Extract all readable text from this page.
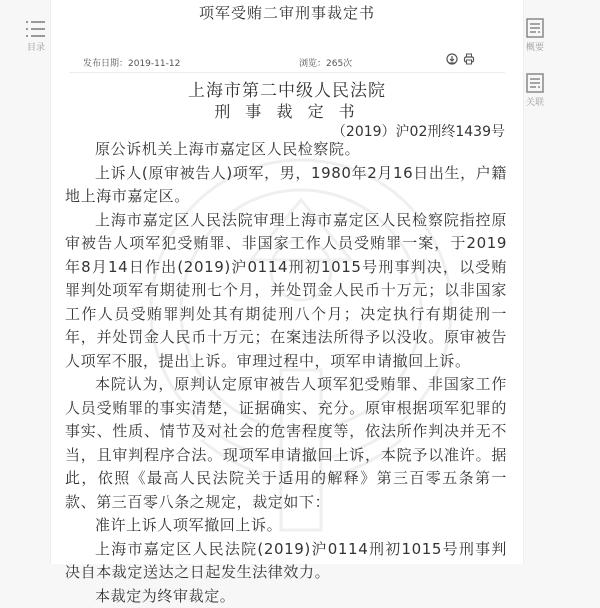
目录
项军受贿二审刑事裁定书
发布日期：2019-11-12	浏览：265次
上海市第二中级人民法院
刑 事 裁 定 书
（2019）沪02刑终1439号

原公诉机关上海市嘉定区人民检察院。

上诉人(原审被告人)项军，男，1980年2月16日出生，户籍地上海市嘉定区。

上海市嘉定区人民法院审理上海市嘉定区人民检察院指控原审被告人项军犯受贿罪、非国家工作人员受贿罪一案，于2019年8月14日作出(2019)沪0114刑初1015号刑事判决，以受贿罪判处项军有期徒刑七个月，并处罚金人民币十万元；以非国家工作人员受贿罪判处其有期徒刑八个月；决定执行有期徒刑一年，并处罚金人民币十万元；在案违法所得予以没收。原审被告人项军不服，提出上诉。审理过程中，项军申请撤回上诉。

本院认为，原判认定原审被告人项军犯受贿罪、非国家工作人员受贿罪的事实清楚，证据确实、充分。原审根据项军犯罪的事实、性质、情节及对社会的危害程度等，依法所作判决并无不当，且审判程序合法。现项军申请撤回上诉，本院予以准许。据此，依照《最高人民法院关于适用的解释》第三百零五条第一款、第三百零八条之规定，裁定如下：

准许上诉人项军撤回上诉。

上海市嘉定区人民法院(2019)沪0114刑初1015号刑事判决自本裁定送达之日起发生法律效力。

本裁定为终审裁定。

概要
关联
